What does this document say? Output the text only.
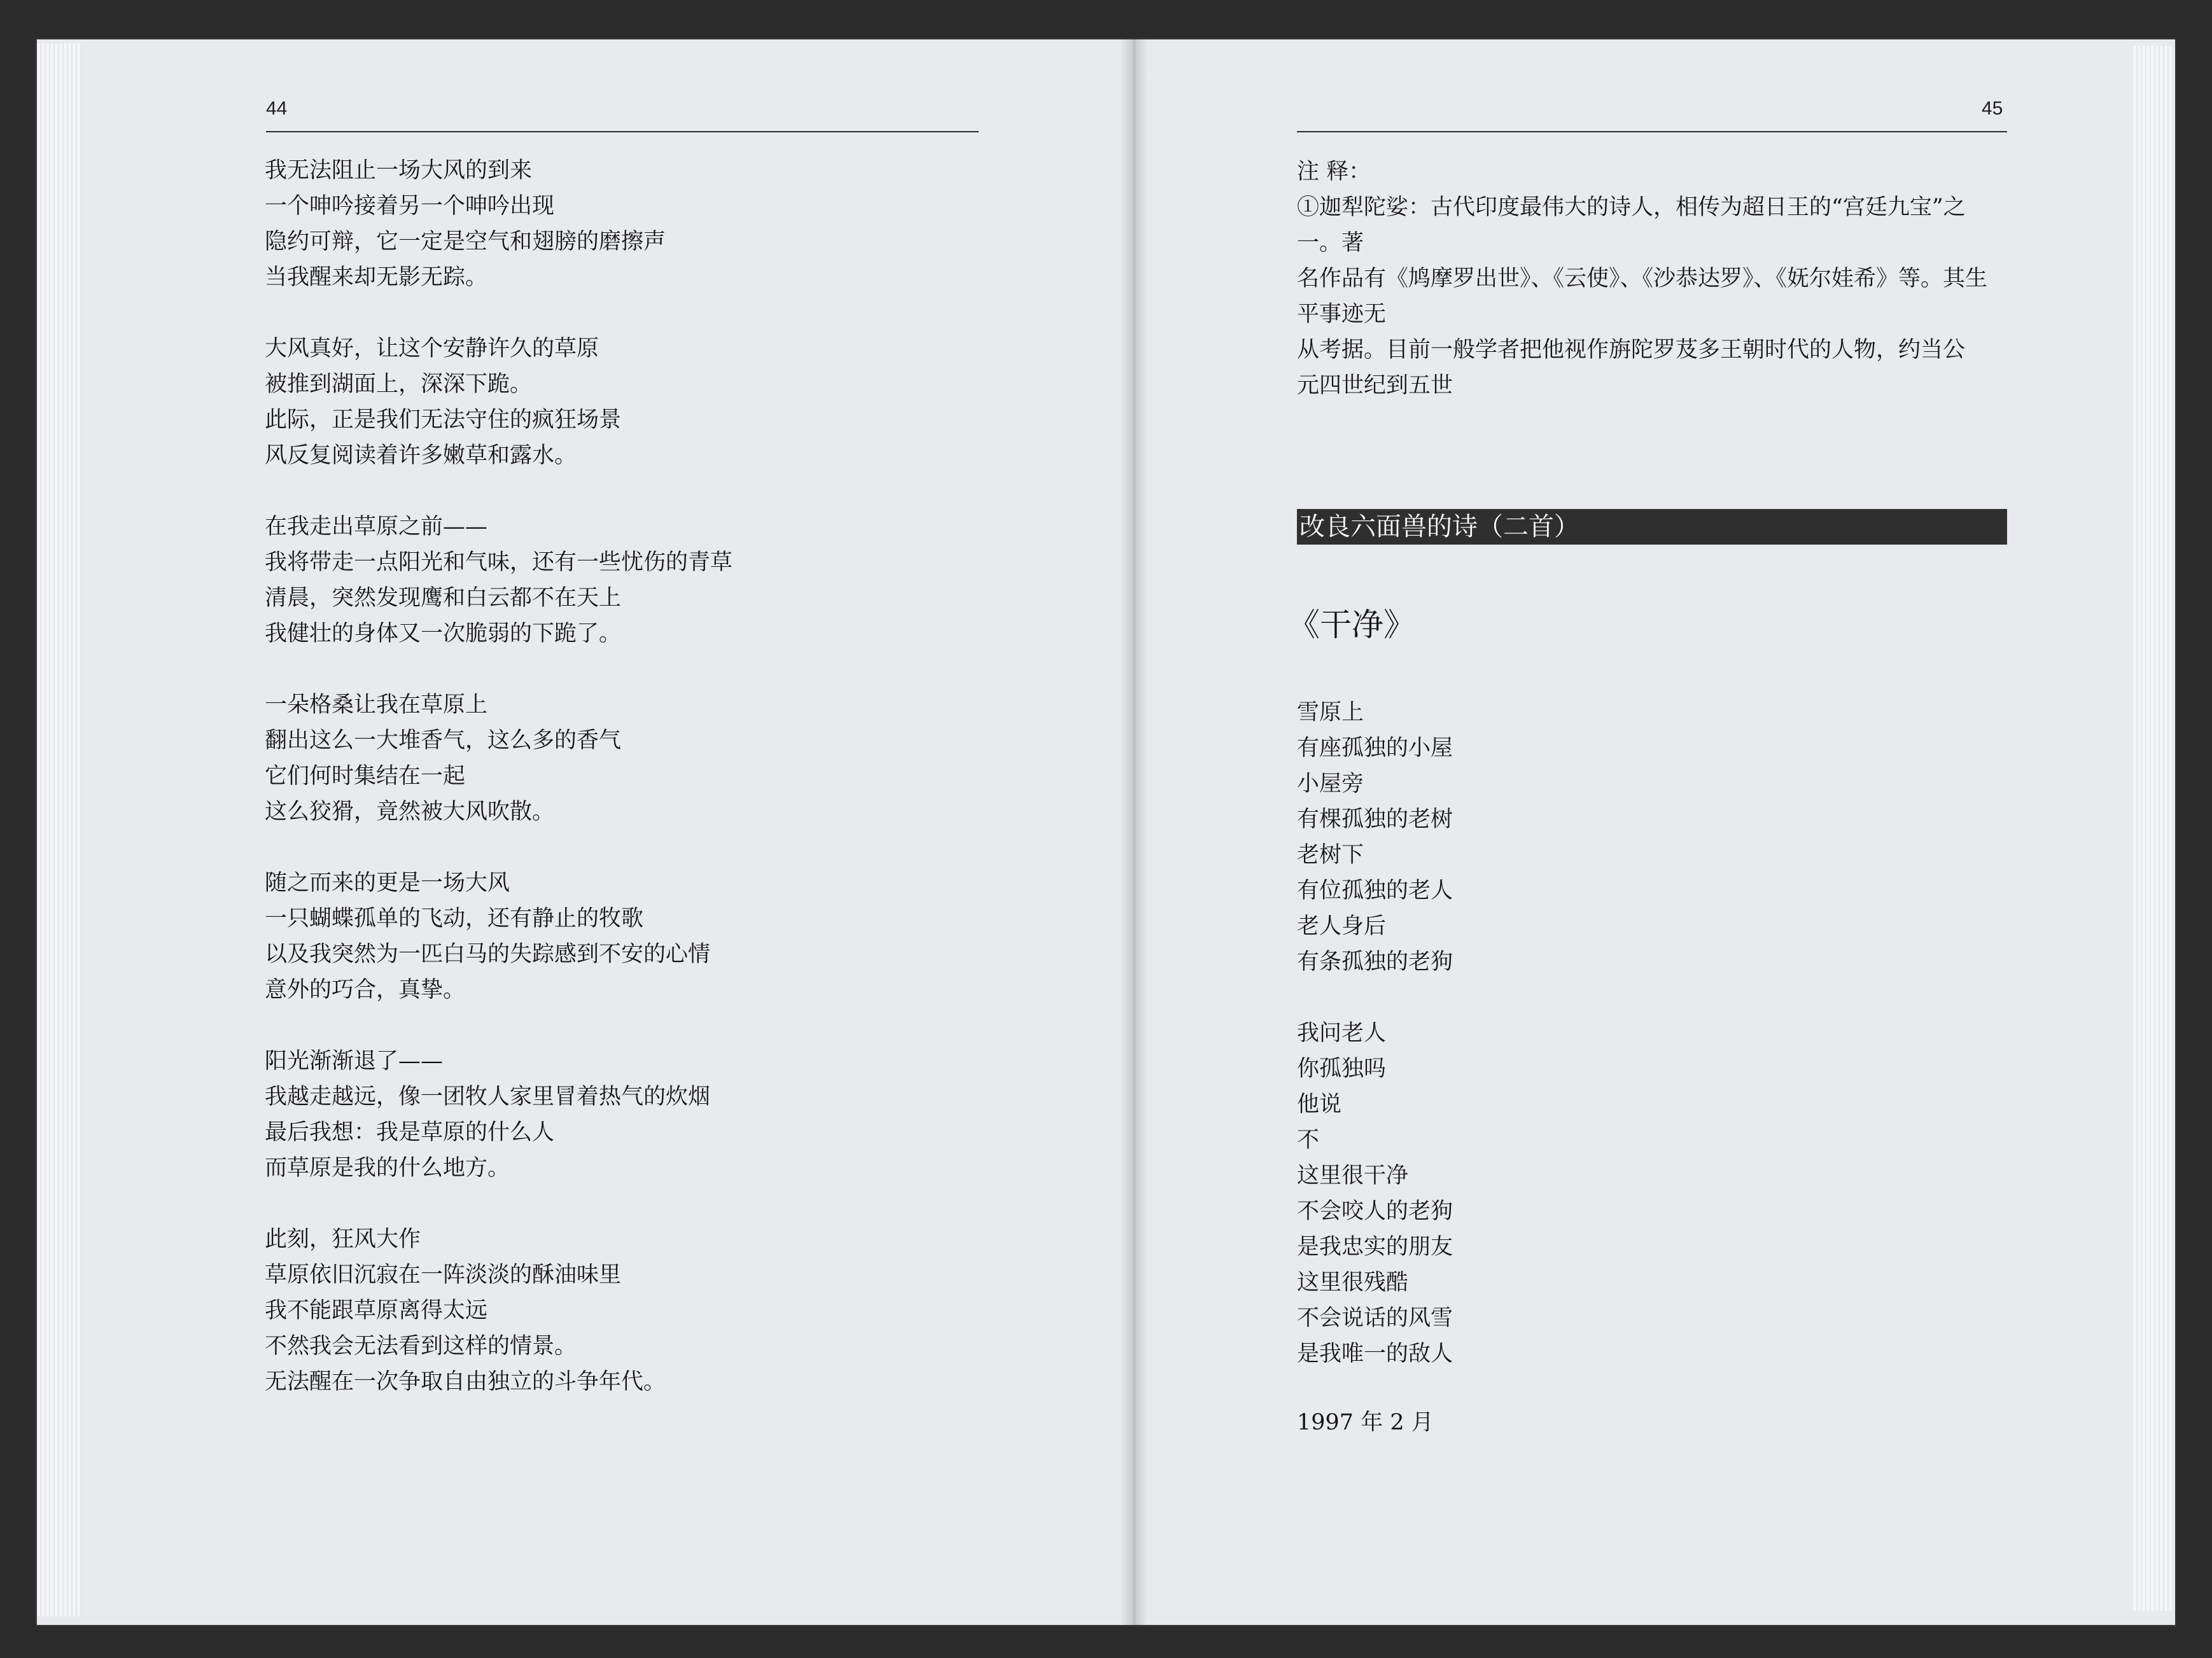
44
我无法阻止一场大风的到来
一个呻吟接着另一个呻吟出现
隐约可辩，它一定是空气和翅膀的磨擦声
当我醒来却无影无踪。
大风真好，让这个安静许久的草原
被推到湖面上，深深下跪。
此际，正是我们无法守住的疯狂场景
风反复阅读着许多嫩草和露水。
在我走出草原之前——
我将带走一点阳光和气味，还有一些忧伤的青草
清晨，突然发现鹰和白云都不在天上
我健壮的身体又一次脆弱的下跪了。
一朵格桑让我在草原上
翻出这么一大堆香气，这么多的香气
它们何时集结在一起
这么狡猾，竟然被大风吹散。
随之而来的更是一场大风
一只蝴蝶孤单的飞动，还有静止的牧歌
以及我突然为一匹白马的失踪感到不安的心情
意外的巧合，真挚。
阳光渐渐退了——
我越走越远，像一团牧人家里冒着热气的炊烟
最后我想：我是草原的什么人
而草原是我的什么地方。
此刻，狂风大作
草原依旧沉寂在一阵淡淡的酥油味里
我不能跟草原离得太远
不然我会无法看到这样的情景。
无法醒在一次争取自由独立的斗争年代。
45
注 释：
①迦犁陀娑：古代印度最伟大的诗人，相传为超日王的“宫廷九宝”之
一。著
名作品有《鸠摩罗出世》、《云使》、《沙恭达罗》、《妩尔娃希》等。其生
平事迹无
从考据。目前一般学者把他视作旃陀罗芨多王朝时代的人物，约当公
元四世纪到五世
改良六面兽的诗（二首）
《干净》
雪原上
有座孤独的小屋
小屋旁
有棵孤独的老树
老树下
有位孤独的老人
老人身后
有条孤独的老狗
我问老人
你孤独吗
他说
不
这里很干净
不会咬人的老狗
是我忠实的朋友
这里很残酷
不会说话的风雪
是我唯一的敌人
1997 年 2 月
